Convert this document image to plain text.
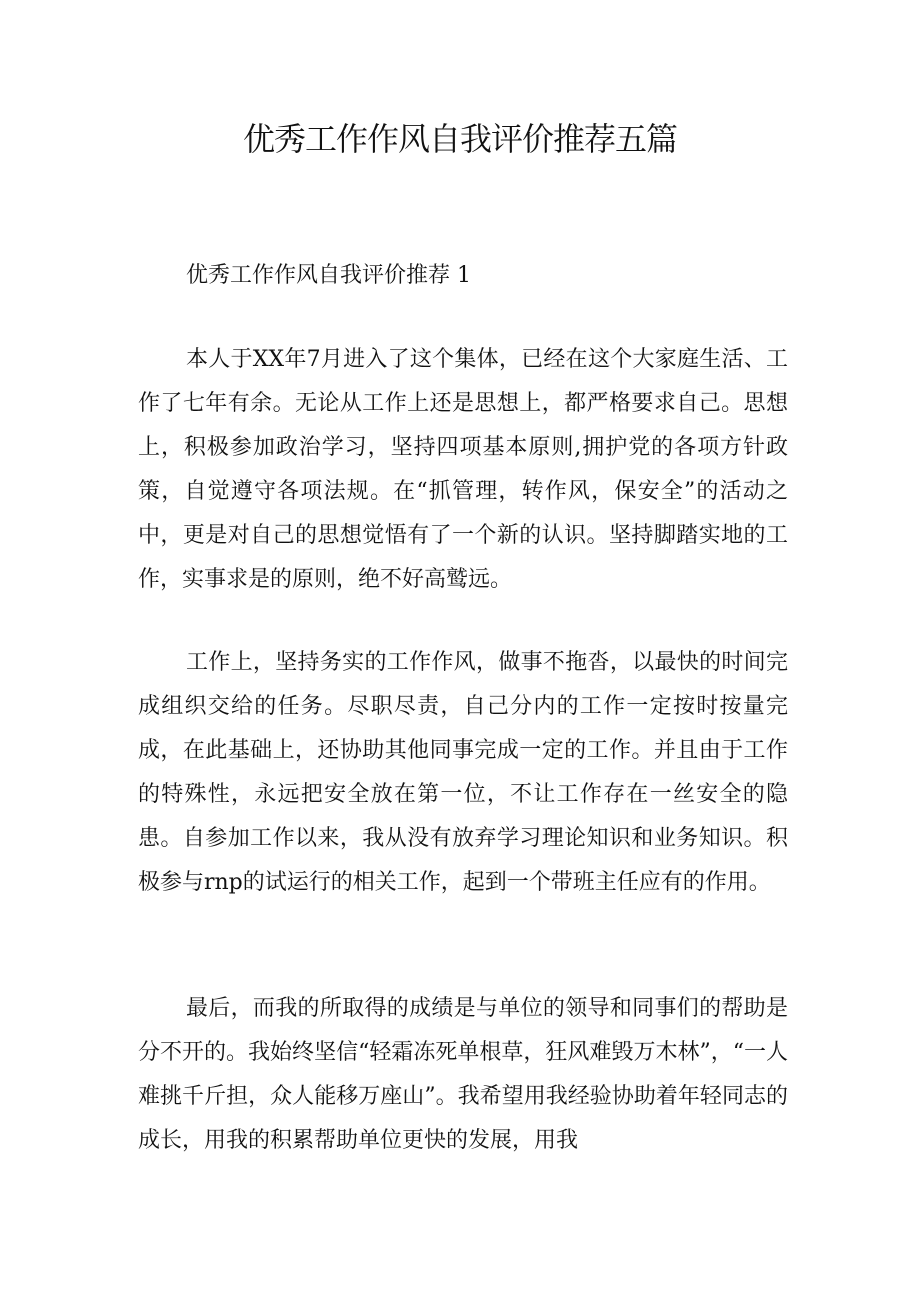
优秀工作作风自我评价推荐五篇

优秀工作作风自我评价推荐 1

本人于XX年7月进入了这个集体，已经在这个大家庭生活、工作了七年有余。无论从工作上还是思想上，都严格要求自己。思想上，积极参加政治学习，坚持四项基本原则,拥护党的各项方针政策，自觉遵守各项法规。在“抓管理，转作风，保安全”的活动之中，更是对自己的思想觉悟有了一个新的认识。坚持脚踏实地的工作，实事求是的原则，绝不好高鹫远。

工作上，坚持务实的工作作风，做事不拖沓，以最快的时间完成组织交给的任务。尽职尽责，自己分内的工作一定按时按量完成，在此基础上，还协助其他同事完成一定的工作。并且由于工作的特殊性，永远把安全放在第一位，不让工作存在一丝安全的隐患。自参加工作以来，我从没有放弃学习理论知识和业务知识。积极参与rnp的试运行的相关工作，起到一个带班主任应有的作用。

最后，而我的所取得的成绩是与单位的领导和同事们的帮助是分不开的。我始终坚信“轻霜冻死单根草，狂风难毁万木林”，“一人难挑千斤担，众人能移万座山”。我希望用我经验协助着年轻同志的成长，用我的积累帮助单位更快的发展，用我
